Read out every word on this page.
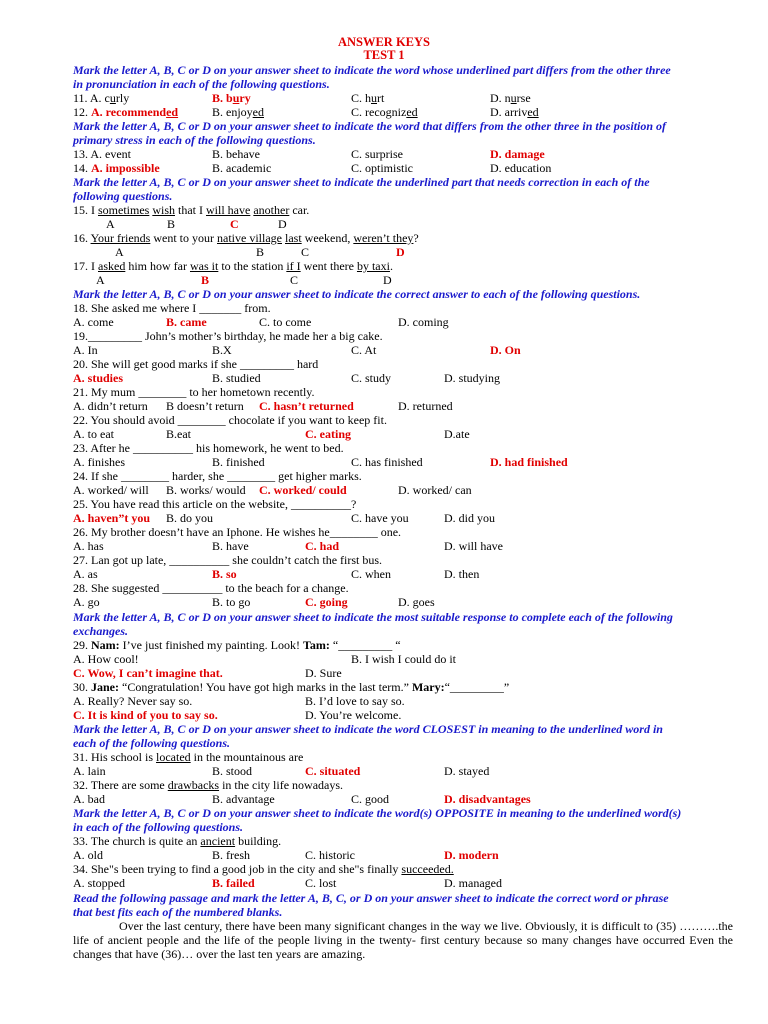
ANSWER KEYS
TEST 1
Mark the letter A, B, C or D on your answer sheet to indicate the word whose underlined part differs from the other three
in pronunciation in each of the following questions.
11. A. curly	B. bury	C. hurt	D. nurse
12. A. recommended	B. enjoyed	C. recognized	D. arrived
Mark the letter A, B, C or D on your answer sheet to indicate the word that differs from the other three in the position of
primary stress in each of the following questions.
13. A. event	B. behave	C. surprise	D. damage
14. A. impossible	B. academic	C. optimistic	D. education
Mark the letter A, B, C or D on your answer sheet to indicate the underlined part that needs correction in each of the
following questions.
15. I sometimes wish that I will have another car.
A	B	C	D
16. Your friends went to your native village last weekend, weren’t they?
A	B	C	D
17. I asked him how far was it to the station if I went there by taxi.
A	B	C	D
Mark the letter A, B, C or D on your answer sheet to indicate the correct answer to each of the following questions.
18. She asked me where I _______ from.
A. come	B. came	C. to come	D. coming
19._________ John’s mother’s birthday, he made her a big cake.
A. In	B.X	C. At	D. On
20. She will get good marks if she _________ hard
A. studies	B. studied	C. study	D. studying
21. My mum ________ to her hometown recently.
A. didn’t return B doesn’t return C. hasn’t returned	D. returned
22. You should avoid ________ chocolate if you want to keep fit.
A. to eat	B.eat	C. eating	D.ate
23. After he __________ his homework, he went to bed.
A. finishes	B. finished	C. has finished	D. had finished
24. If she ________ harder, she ________ get higher marks.
A. worked/ will B. works/ would C. worked/ could	D. worked/ can
25. You have read this article on the website, __________?
A. haven”t you B. do you	C. have you	D. did you
26. My brother doesn’t have an Iphone. He wishes he________ one.
A. has	B. have	C. had	D. will have
27. Lan got up late, __________ she couldn’t catch the first bus.
A. as	B. so	C. when	D. then
28. She suggested __________ to the beach for a change.
A. go	B. to go	C. going	D. goes
Mark the letter A, B, C or D on your answer sheet to indicate the most suitable response to complete each of the following
exchanges.
29. Nam: I’ve just finished my painting. Look! Tam: “_________ “
A. How cool!	B. I wish I could do it
C. Wow, I can’t imagine that.	D. Sure
30. Jane: “Congratulation! You have got high marks in the last term.” Mary:“_________”
A. Really? Never say so.	B. I’d love to say so.
C. It is kind of you to say so.	D. You’re welcome.
Mark the letter A, B, C or D on your answer sheet to indicate the word CLOSEST in meaning to the underlined word in
each of the following questions.
31. His school is located in the mountainous are
A. lain	B. stood	C. situated	D. stayed
32. There are some drawbacks in the city life nowadays.
A. bad	B. advantage	C. good	D. disadvantages
Mark the letter A, B, C or D on your answer sheet to indicate the word(s) OPPOSITE in meaning to the underlined word(s)
in each of the following questions.
33. The church is quite an ancient building.
A. old	B. fresh	C. historic	D. modern
34. She"s been trying to find a good job in the city and she"s finally succeeded.
A. stopped	B. failed	C. lost	D. managed
Read the following passage and mark the letter A, B, C, or D on your answer sheet to indicate the correct word or phrase
that best fits each of the numbered blanks.
Over the last century, there have been many significant changes in the way we live. Obviously, it is difficult to (35) ……….the life of ancient people and the life of the people living in the twenty- first century because so many changes have occurred Even the changes that have (36)… over the last ten years are amazing.
